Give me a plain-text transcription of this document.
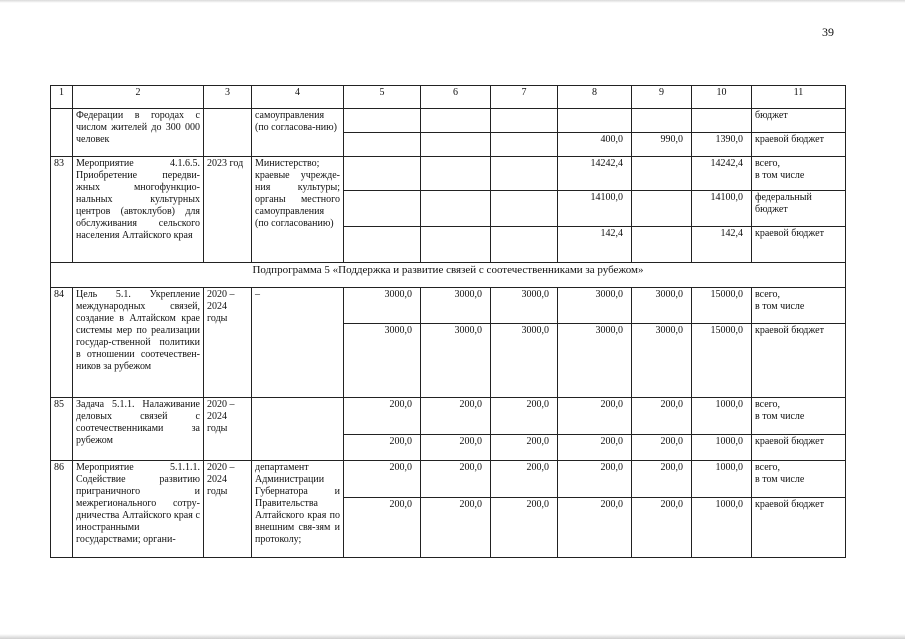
39
1	2	3	4	5	6	7	8	9	10	11
	Федерации в городах с числом жителей до 300 000 человек		самоуправления (по согласова-нию)							бюджет
							400,0	990,0	1390,0	краевой бюджет
83	Мероприятие 4.1.6.5. Приобретение передви-жных многофункцио-нальных культурных центров (автоклубов) для обслуживания сельского населения Алтайского края	2023 год	Министерство; краевые учрежде-ния культуры; органы местного самоуправления (по согласованию)				14242,4		14242,4	всего,
в том числе
							14100,0		14100,0	федеральный бюджет
							142,4		142,4	краевой бюджет
Подпрограмма 5 «Поддержка и развитие связей с соотечественниками за рубежом»										
84	Цель 5.1. Укрепление международных связей, создание в Алтайском крае системы мер по реализации государ-ственной политики в отношении соотечествен-ников за рубежом	2020 – 2024 годы	–	3000,0	3000,0	3000,0	3000,0	3000,0	15000,0	всего,
в том числе
				3000,0	3000,0	3000,0	3000,0	3000,0	15000,0	краевой бюджет
85	Задача 5.1.1. Налаживание деловых связей с соотечественниками за рубежом	2020 – 2024 годы		200,0	200,0	200,0	200,0	200,0	1000,0	всего,
в том числе
				200,0	200,0	200,0	200,0	200,0	1000,0	краевой бюджет
86	Мероприятие 5.1.1.1. Содействие развитию приграничного и межрегионального сотру-дничества Алтайского края с иностранными государствами; органи-	2020 – 2024 годы	департамент Администрации Губернатора и Правительства Алтайского края по внешним свя-зям и протоколу;	200,0	200,0	200,0	200,0	200,0	1000,0	всего,
в том числе
				200,0	200,0	200,0	200,0	200,0	1000,0	краевой бюджет
